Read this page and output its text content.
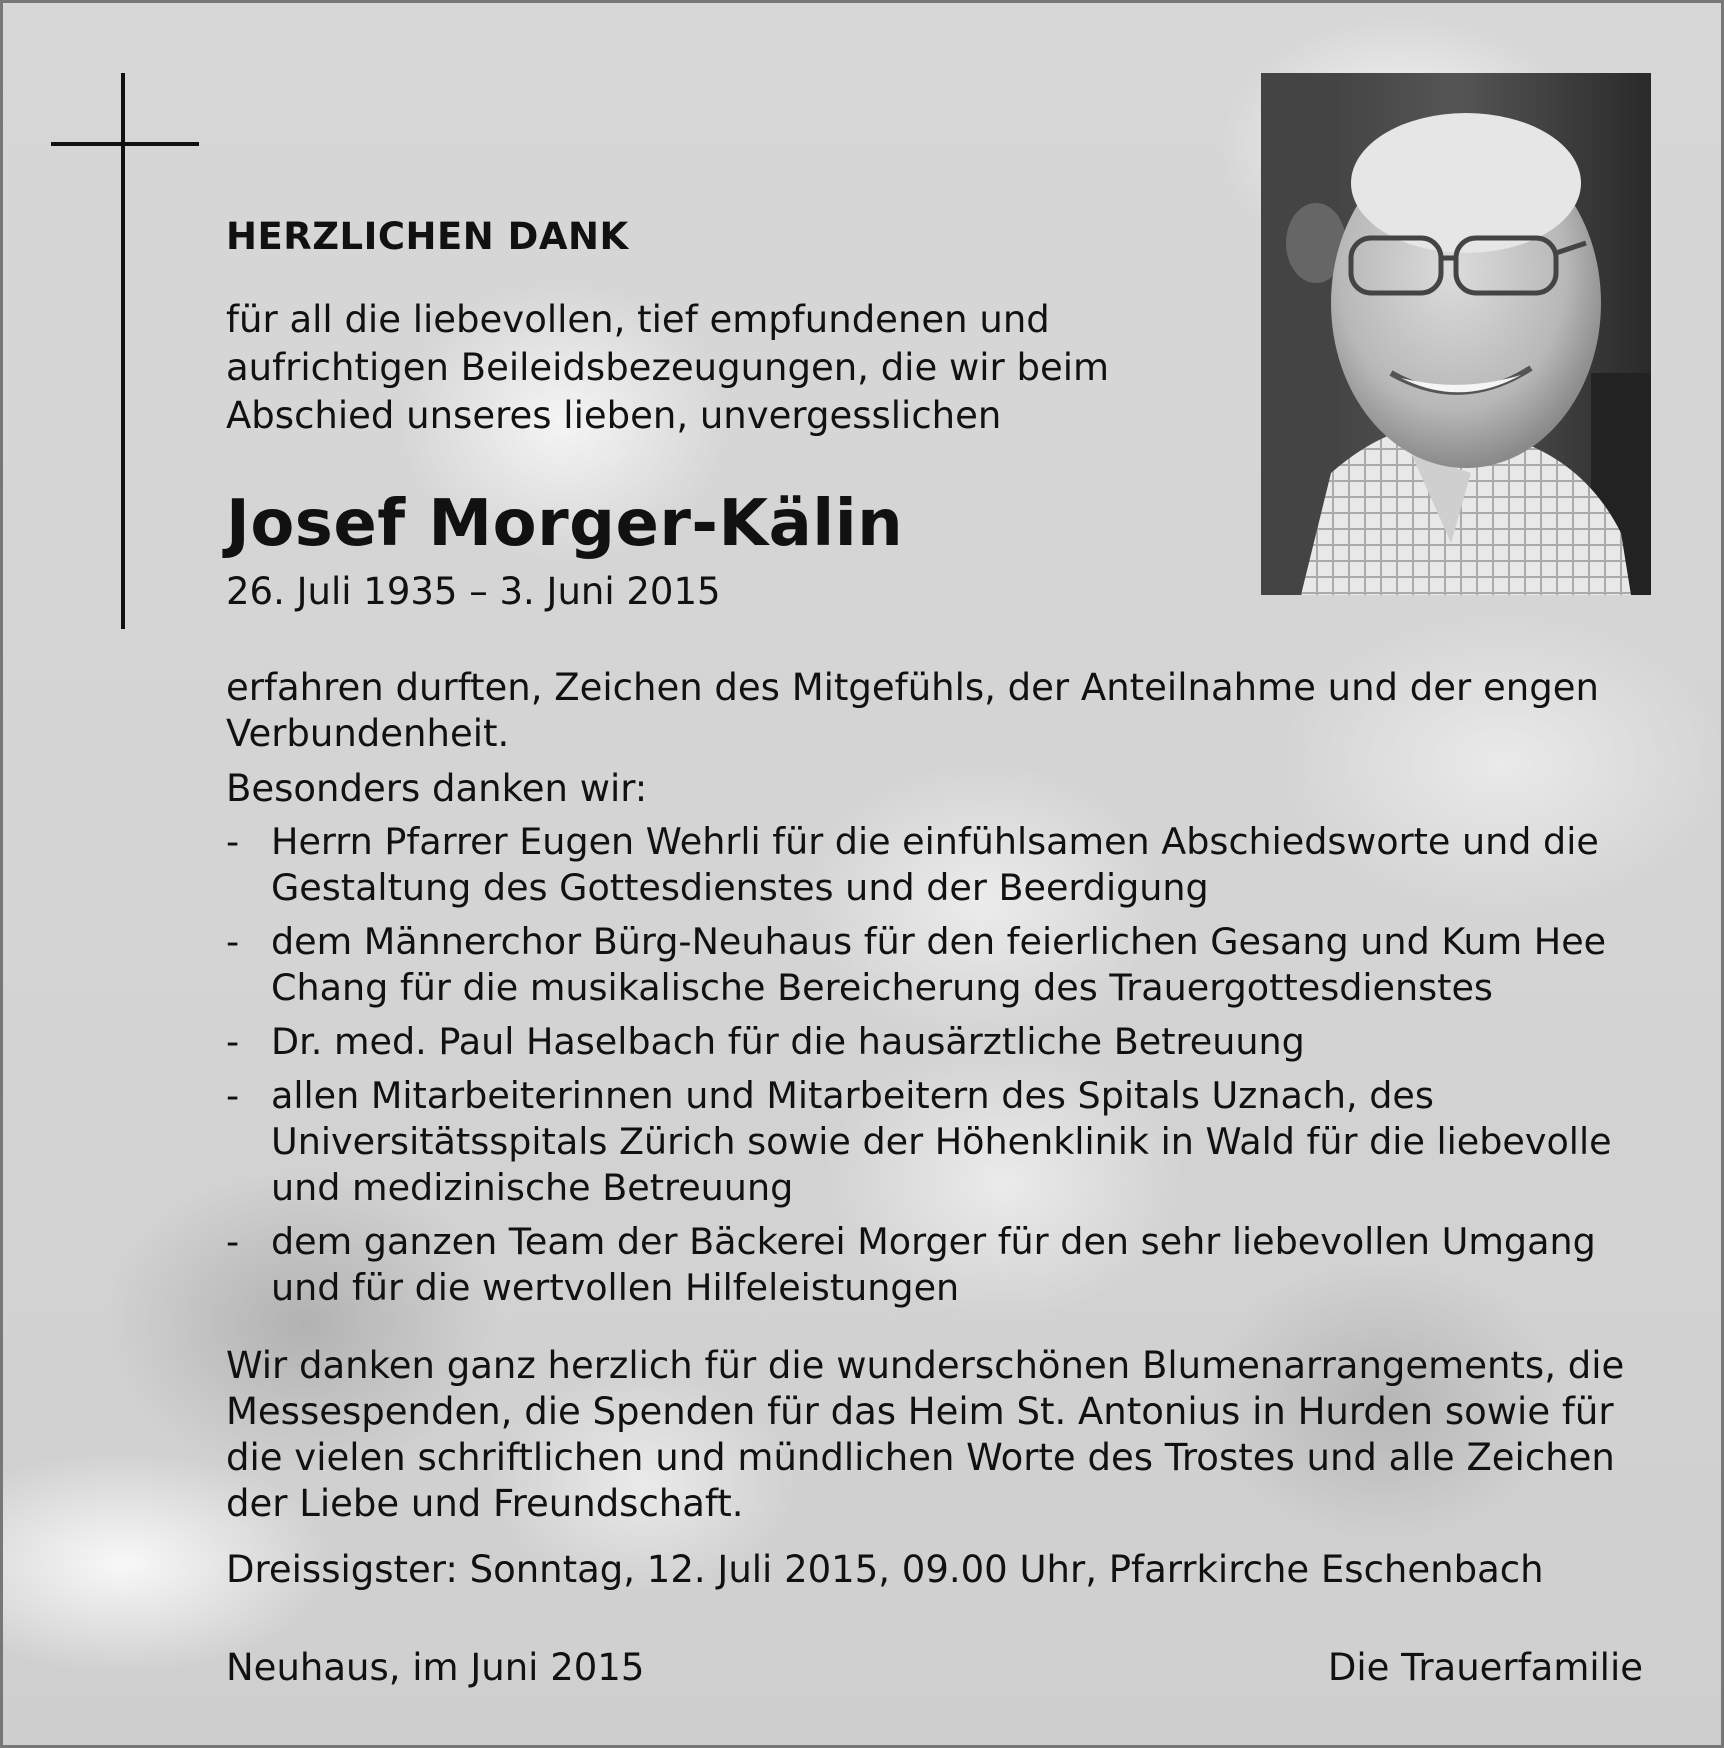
HERZLICHEN DANK
für all die liebevollen, tief empfundenen und aufrichtigen Beileidsbezeugungen, die wir beim Abschied unseres lieben, unvergesslichen
Josef Morger-Kälin
26. Juli 1935 – 3. Juni 2015
erfahren durften, Zeichen des Mitgefühls, der Anteilnahme und der engen Verbundenheit.
Besonders danken wir:
- Herrn Pfarrer Eugen Wehrli für die einfühlsamen Abschiedsworte und die Gestaltung des Gottesdienstes und der Beerdigung
- dem Männerchor Bürg-Neuhaus für den feierlichen Gesang und Kum Hee Chang für die musikalische Bereicherung des Trauergottesdienstes
- Dr. med. Paul Haselbach für die hausärztliche Betreuung
- allen Mitarbeiterinnen und Mitarbeitern des Spitals Uznach, des Universitätsspitals Zürich sowie der Höhenklinik in Wald für die liebevolle und medizinische Betreuung
- dem ganzen Team der Bäckerei Morger für den sehr liebevollen Umgang und für die wertvollen Hilfeleistungen
Wir danken ganz herzlich für die wunderschönen Blumenarrangements, die Messespenden, die Spenden für das Heim St. Antonius in Hurden sowie für die vielen schriftlichen und mündlichen Worte des Trostes und alle Zeichen der Liebe und Freundschaft.
Dreissigster: Sonntag, 12. Juli 2015, 09.00 Uhr, Pfarrkirche Eschenbach
Neuhaus, im Juni 2015	Die Trauerfamilie
